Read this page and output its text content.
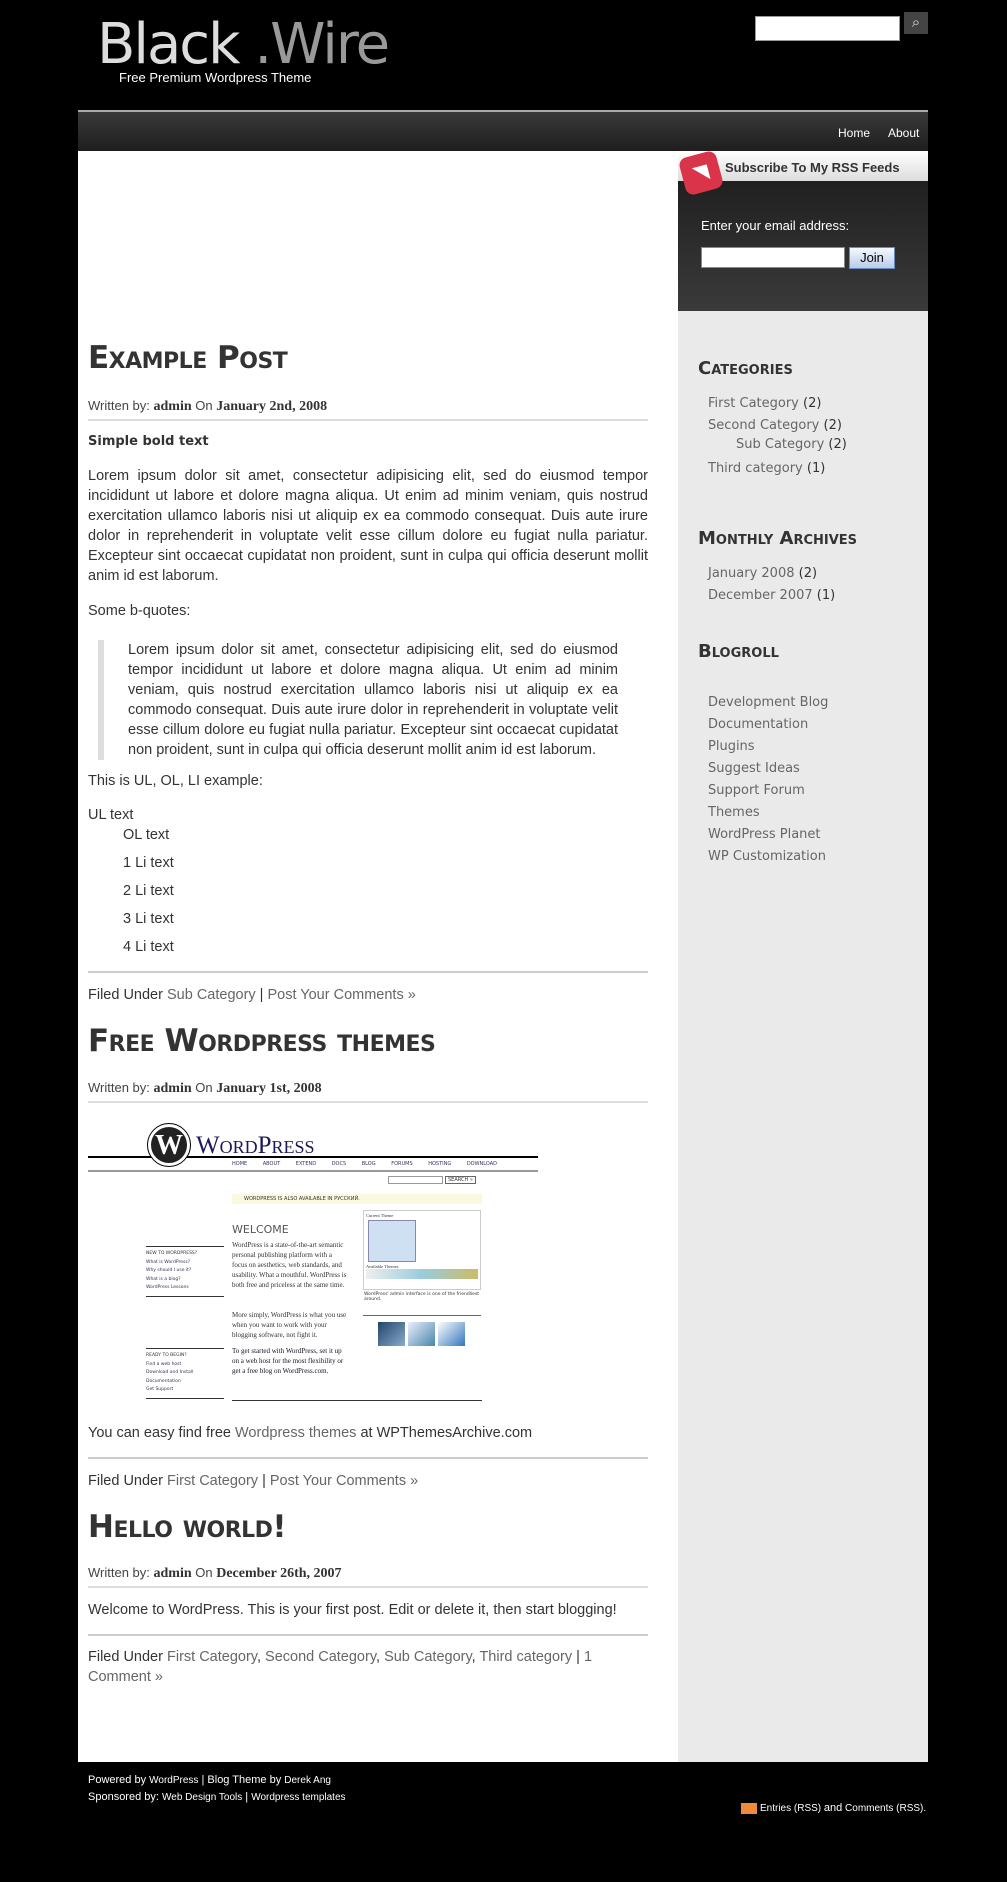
Black .Wire
Free Premium Wordpress Theme
⌕
Home About
◥	Subscribe To My RSS Feeds
Enter your email address:
Join
Example Post
Written by: admin On January 2nd, 2008
Simple bold text
Lorem ipsum dolor sit amet, consectetur adipisicing elit, sed do eiusmod tempor incididunt ut labore et dolore magna aliqua. Ut enim ad minim veniam, quis nostrud exercitation ullamco laboris nisi ut aliquip ex ea commodo consequat. Duis aute irure dolor in reprehenderit in voluptate velit esse cillum dolore eu fugiat nulla pariatur. Excepteur sint occaecat cupidatat non proident, sunt in culpa qui officia deserunt mollit anim id est laborum.
Some b-quotes:
Lorem ipsum dolor sit amet, consectetur adipisicing elit, sed do eiusmod tempor incididunt ut labore et dolore magna aliqua. Ut enim ad minim veniam, quis nostrud exercitation ullamco laboris nisi ut aliquip ex ea commodo consequat. Duis aute irure dolor in reprehenderit in voluptate velit esse cillum dolore eu fugiat nulla pariatur. Excepteur sint occaecat cupidatat non proident, sunt in culpa qui officia deserunt mollit anim id est laborum.
This is UL, OL, LI example:
UL text
OL text
1 Li text
2 Li text
3 Li text
4 Li text
Filed Under Sub Category | Post Your Comments »
Free Wordpress themes
Written by: admin On January 1st, 2008
W WordPress
HOME	ABOUT	EXTEND	DOCS	BLOG	FORUMS	HOSTING	DOWNLOAD
SEARCH »
WORDPRESS IS ALSO AVAILABLE IN РУССКИЙ.
WELCOME
WordPress is a state-of-the-art semantic personal publishing platform with a focus on aesthetics, web standards, and usability. What a mouthful. WordPress is both free and priceless at the same time.
More simply, WordPress is what you use when you want to work with your blogging software, not fight it.
To get started with WordPress, set it up on a web host for the most flexibility or get a free blog on WordPress.com.
NEW TO WORDPRESS?
What is WordPress?
Why should I use it?
What is a blog?
WordPress Lessons
READY TO BEGIN?
Find a web host
Download and Install
Documentation
Get Support
Current Theme
Available Themes
WordPress' admin interface is one of the friendliest around.
You can easy find free Wordpress themes at WPThemesArchive.com
Filed Under First Category | Post Your Comments »
Hello world!
Written by: admin On December 26th, 2007
Welcome to WordPress. This is your first post. Edit or delete it, then start blogging!
Filed Under First Category, Second Category, Sub Category, Third category | 1 Comment »
Categories
First Category (2)
Second Category (2)
Sub Category (2)
Third category (1)
Monthly Archives
January 2008 (2)
December 2007 (1)
Blogroll
Development Blog
Documentation
Plugins
Suggest Ideas
Support Forum
Themes
WordPress Planet
WP Customization
Powered by WordPress | Blog Theme by Derek Ang
Sponsored by: Web Design Tools | Wordpress templates
Entries (RSS) and Comments (RSS).
